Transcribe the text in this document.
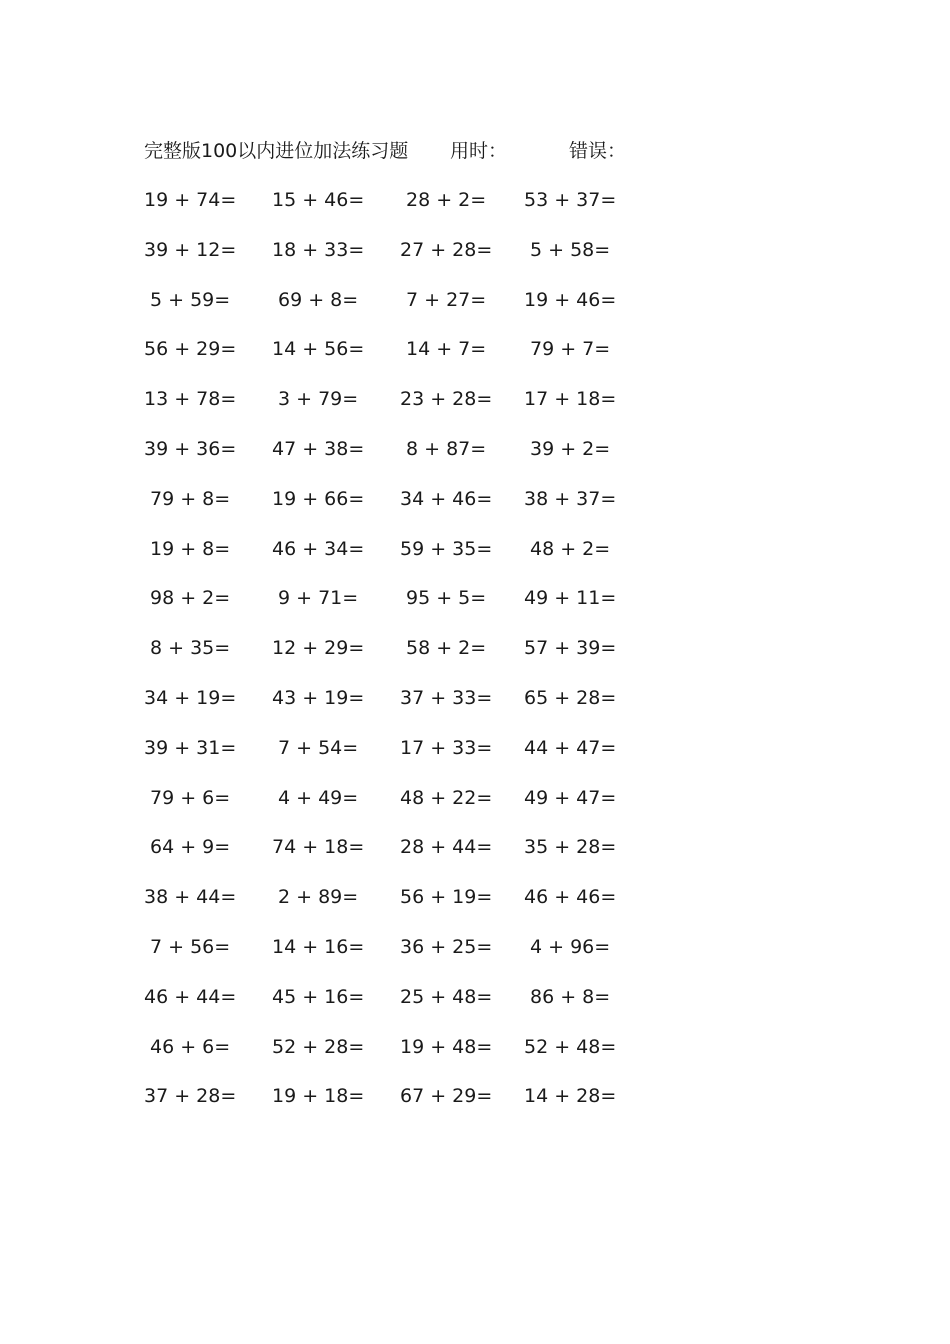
完整版100以内进位加法练习题 用时：	错误：
19 + 74= 15 + 46= 28 + 2= 53 + 37=
39 + 12= 18 + 33= 27 + 28= 5 + 58=
5 + 59=	69 + 8=	7 + 27= 19 + 46=
56 + 29= 14 + 56= 14 + 7= 79 + 7=
13 + 78= 3 + 79= 23 + 28= 17 + 18=
39 + 36= 47 + 38= 8 + 87= 39 + 2=
79 + 8= 19 + 66= 34 + 46= 38 + 37=
19 + 8= 46 + 34= 59 + 35= 48 + 2=
98 + 2=	9 + 71=	95 + 5= 49 + 11=
8 + 35= 12 + 29= 58 + 2= 57 + 39=
34 + 19= 43 + 19= 37 + 33= 65 + 28=
39 + 31= 7 + 54= 17 + 33= 44 + 47=
79 + 6=	4 + 49= 48 + 22= 49 + 47=
64 + 9= 74 + 18= 28 + 44= 35 + 28=
38 + 44= 2 + 89= 56 + 19= 46 + 46=
7 + 56= 14 + 16= 36 + 25= 4 + 96=
46 + 44= 45 + 16= 25 + 48= 86 + 8=
46 + 6= 52 + 28= 19 + 48= 52 + 48=
37 + 28= 19 + 18= 67 + 29= 14 + 28=
